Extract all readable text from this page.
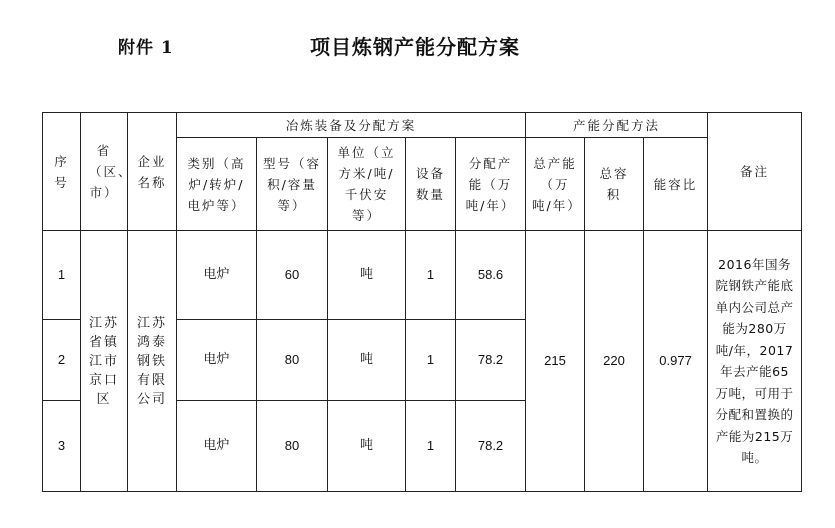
附件 1	项目炼钢产能分配方案
序号	省（区、市）	企业名称	冶炼装备及分配方案					产能分配方法			备注
			类别（高炉/转炉/电炉等）	型号（容积/容量等）	单位（立方米/吨/千伏安等）	设备数量	分配产能（万吨/年）	总产能（万吨/年）	总容积	能容比	
1	江苏省镇江市京口区	江苏鸿泰钢铁有限公司	电炉	60	吨	1	58.6	215	220	0.977	2016年国务院钢铁产能底单内公司总产能为280万吨/年，2017年去产能65万吨，可用于分配和置换的产能为215万吨。
2			电炉	80	吨	1	78.2				
3			电炉	80	吨	1	78.2				
